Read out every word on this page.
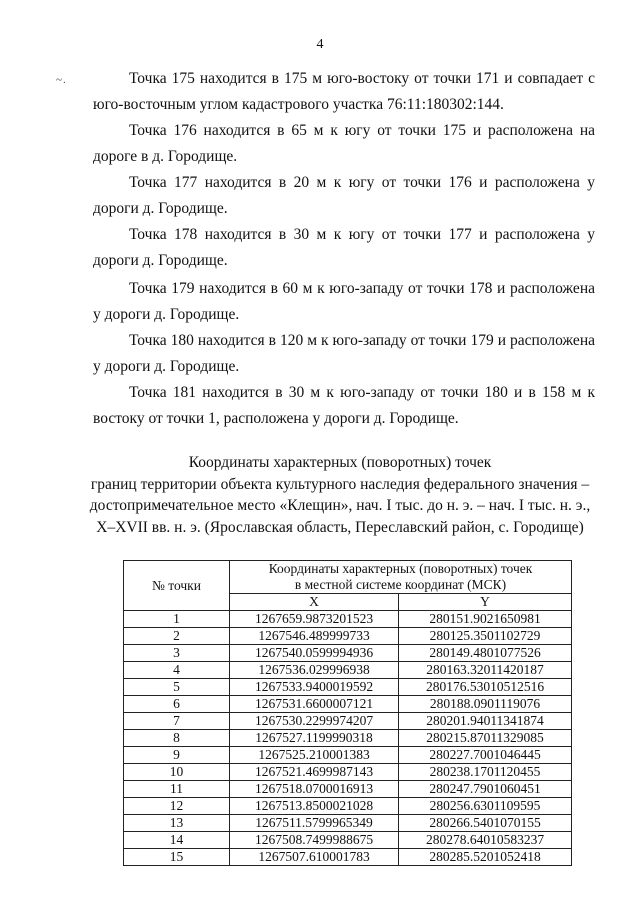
4
~.	Точка 175 находится в 175 м юго-востоку от точки 171 и совпадает с юго-восточным углом кадастрового участка 76:11:180302:144.

Точка 176 находится в 65 м к югу от точки 175 и расположена на дороге в д. Городище.

Точка 177 находится в 20 м к югу от точки 176 и расположена у дороги д. Городище.

Точка 178 находится в 30 м к югу от точки 177 и расположена у дороги д. Городище.

Точка 179 находится в 60 м к юго-западу от точки 178 и расположена у дороги д. Городище.

Точка 180 находится в 120 м к юго-западу от точки 179 и расположена у дороги д. Городище.

Точка 181 находится в 30 м к юго-западу от точки 180 и в 158 м к востоку от точки 1, расположена у дороги д. Городище.

Координаты характерных (поворотных) точек
границ территории объекта культурного наследия федерального значения –
достопримечательное место «Клещин», нач. I тыс. до н. э. – нач. I тыс. н. э.,
X–XVII вв. н. э. (Ярославская область, Переславский район, с. Городище)
№ точки	Координаты характерных (поворотных) точек
в местной системе координат (МСК)	

	X	Y
1	1267659.9873201523	280151.9021650981
2	1267546.489999733	280125.3501102729
3	1267540.0599994936	280149.4801077526
4	1267536.029996938	280163.32011420187
5	1267533.9400019592	280176.53010512516
6	1267531.6600007121	280188.0901119076
7	1267530.2299974207	280201.94011341874
8	1267527.1199990318	280215.87011329085
9	1267525.210001383	280227.7001046445
10	1267521.4699987143	280238.1701120455
11	1267518.0700016913	280247.7901060451
12	1267513.8500021028	280256.6301109595
13	1267511.5799965349	280266.5401070155
14	1267508.7499988675	280278.64010583237
15	1267507.610001783	280285.5201052418
